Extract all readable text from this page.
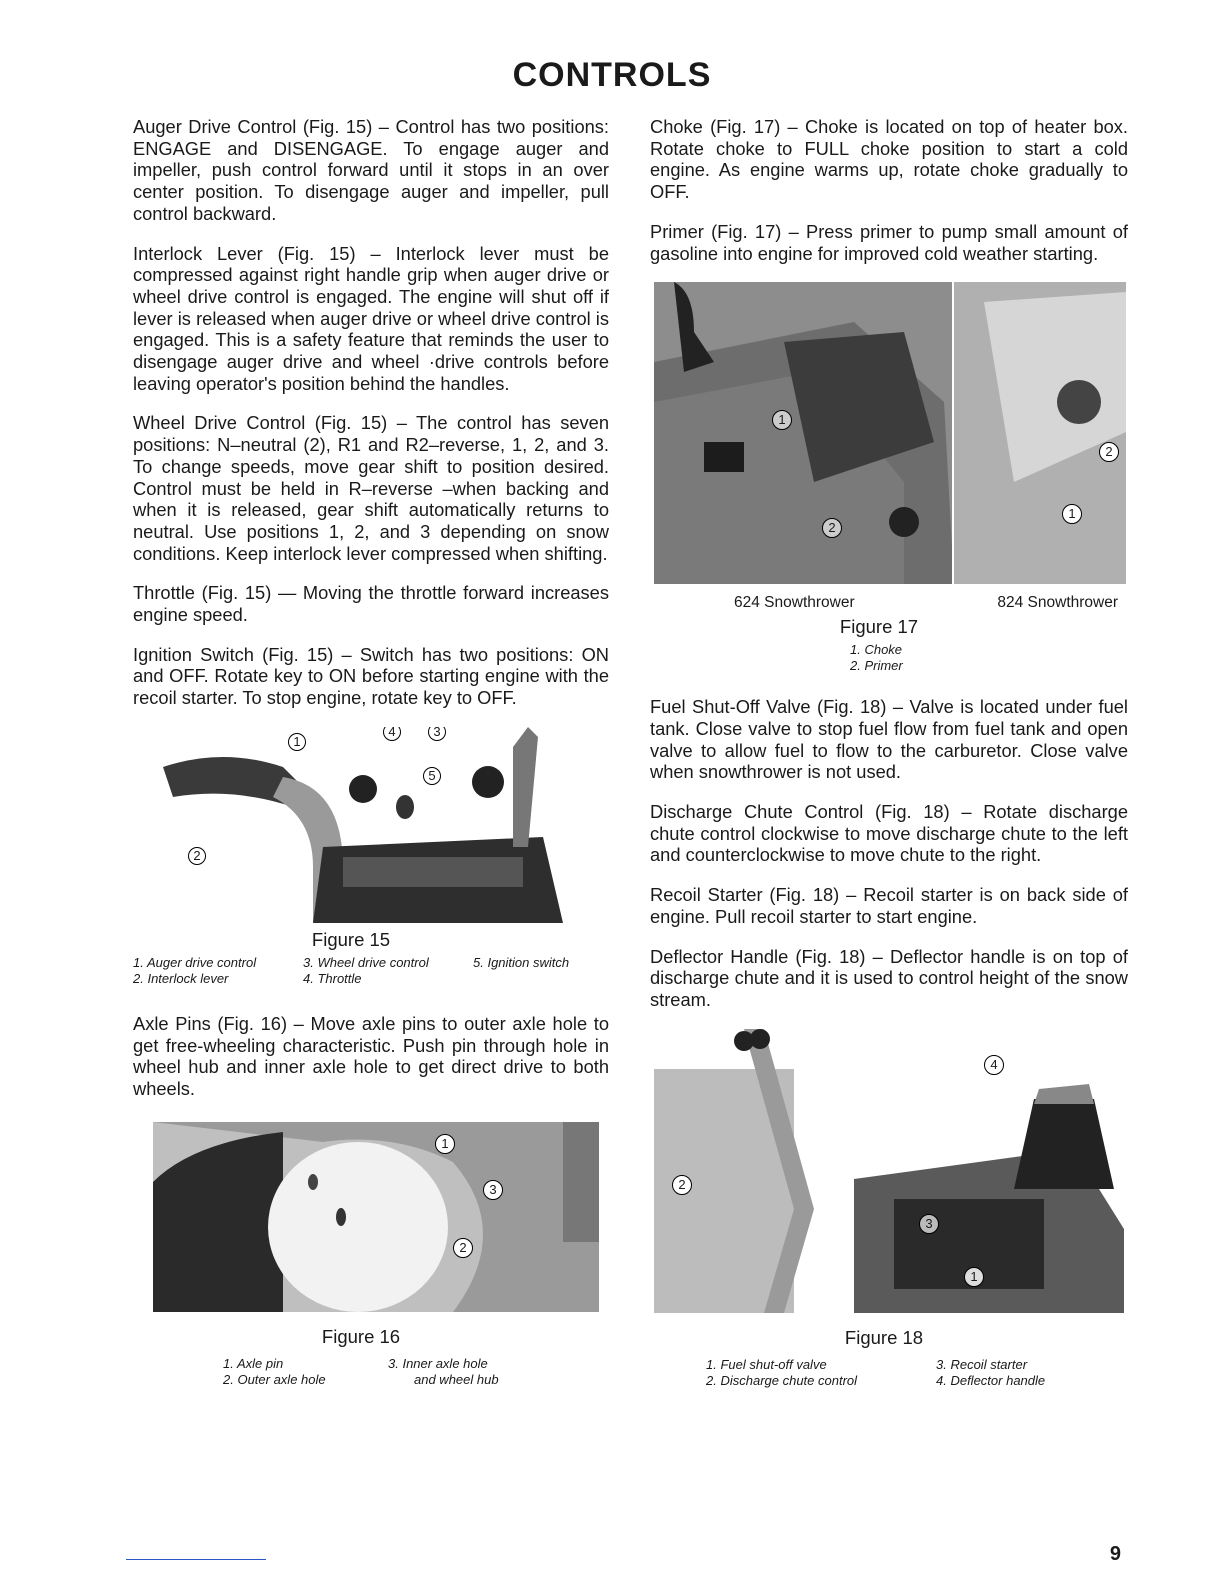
CONTROLS

Auger Drive Control (Fig. 15) – Control has two positions: ENGAGE and DISENGAGE. To engage auger and impeller, push control forward until it stops in an over center position. To disengage auger and impeller, pull control backward.

Interlock Lever (Fig. 15) – Interlock lever must be compressed against right handle grip when auger drive or wheel drive control is engaged. The engine will shut off if lever is released when auger drive or wheel drive control is engaged. This is a safety feature that reminds the user to disengage auger drive and wheel ·drive controls before leaving operator's position behind the handles.

Wheel Drive Control (Fig. 15) – The control has seven positions: N–neutral (2), R1 and R2–reverse, 1, 2, and 3. To change speeds, move gear shift to position desired. Control must be held in R–reverse –when backing and when it is released, gear shift automatically returns to neutral. Use positions 1, 2, and 3 depending on snow conditions. Keep interlock lever compressed when shifting.

Throttle (Fig. 15) — Moving the throttle forward increases engine speed.

Ignition Switch (Fig. 15) – Switch has two positions: ON and OFF. Rotate key to ON before starting engine with the recoil starter. To stop engine, rotate key to OFF.

1
4	3
5
2
Figure 15
1. Auger drive control	3. Wheel drive control	5. Ignition switch
2. Interlock lever	4. Throttle

Axle Pins (Fig. 16) – Move axle pins to outer axle hole to get free-wheeling characteristic. Push pin through hole in wheel hub and inner axle hole to get direct drive to both wheels.

1
3
2
Figure 16
1. Axle pin	3. Inner axle hole
2. Outer axle hole	and wheel hub

Choke (Fig. 17) – Choke is located on top of heater box. Rotate choke to FULL choke position to start a cold engine. As engine warms up, rotate choke gradually to OFF.

Primer (Fig. 17) – Press primer to pump small amount of gasoline into engine for improved cold weather starting.

1
2
1
2
624 Snowthrower	824 Snowthrower
Figure 17
1. Choke
2. Primer

Fuel Shut-Off Valve (Fig. 18) – Valve is located under fuel tank. Close valve to stop fuel flow from fuel tank and open valve to allow fuel to flow to the carburetor. Close valve when snowthrower is not used.

Discharge Chute Control (Fig. 18) – Rotate discharge chute control clockwise to move discharge chute to the left and counterclockwise to move chute to the right.

Recoil Starter (Fig. 18) – Recoil starter is on back side of engine. Pull recoil starter to start engine.

Deflector Handle (Fig. 18) – Deflector handle is on top of discharge chute and it is used to control height of the snow stream.

4
2
3
1
Figure 18
1. Fuel shut-off valve	3. Recoil starter
2. Discharge chute control	4. Deflector handle
9
